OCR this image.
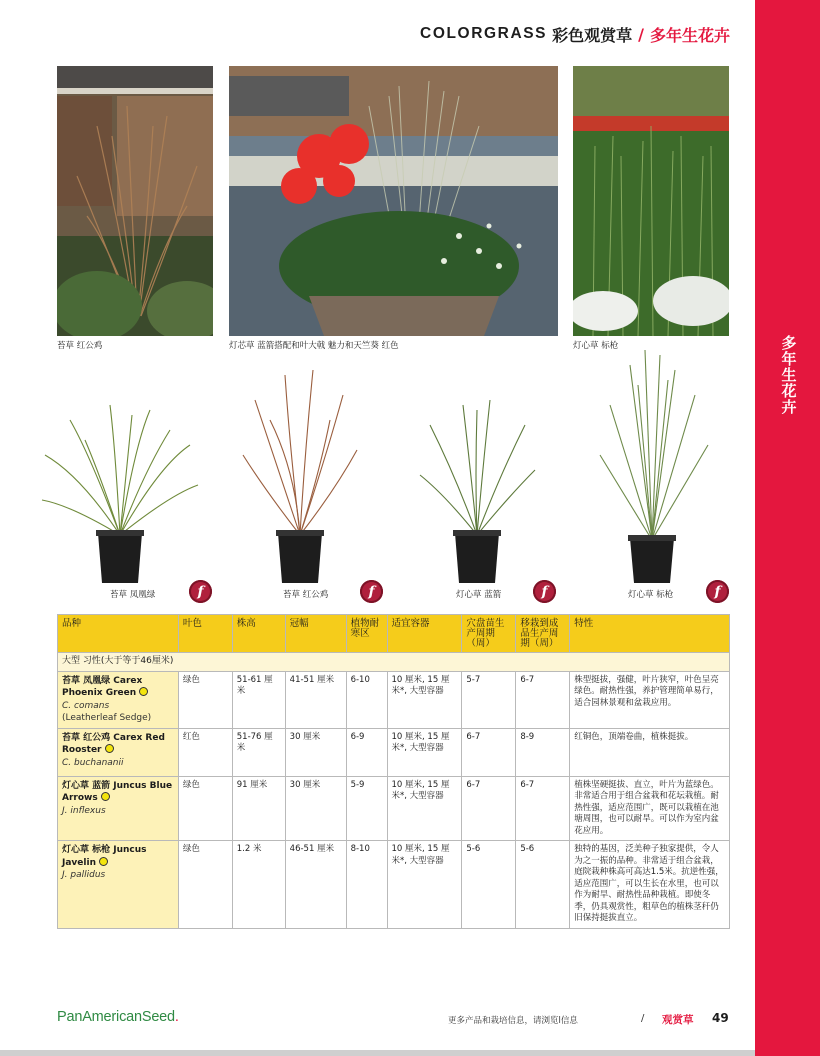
多年生花卉
COLORGRASS 彩色观赏草 / 多年生花卉
苔草 红公鸡	灯芯草 蓝箭搭配和叶大戟 魅力和天竺葵 红色	灯心草 标枪
苔草 凤凰绿	f	苔草 红公鸡	f	灯心草 蓝箭	f	灯心草 标枪	f
品种	叶色	株高	冠幅	植物耐寒区	适宜容器	穴盘苗生产周期（周）	移栽到成品生产周期（周）	特性
大型 习性(大于等于46厘米)								
苔草 凤凰绿 Carex Phoenix Green
C. comans
(Leatherleaf Sedge)	绿色	51-61 厘米	41-51 厘米	6-10	10 厘米, 15 厘米*, 大型容器	5-7	6-7	株型挺拔，强健，叶片狭窄，叶色呈亮绿色。耐热性强，养护管理简单易行，适合园林景观和盆栽应用。
苔草 红公鸡 Carex Red Rooster
C. buchananii	红色	51-76 厘米	30 厘米	6-9	10 厘米, 15 厘米*, 大型容器	6-7	8-9	红铜色，顶端卷曲，植株挺拔。
灯心草 蓝箭 Juncus Blue Arrows
J. inflexus	绿色	91 厘米	30 厘米	5-9	10 厘米, 15 厘米*, 大型容器	6-7	6-7	植株坚硬挺拔、直立，叶片为蓝绿色。非常适合用于组合盆栽和花坛栽植。耐热性强，适应范围广，既可以栽植在池塘周围，也可以耐旱。可以作为室内盆花应用。
灯心草 标枪 Juncus Javelin
J. pallidus	绿色	1.2 米	46-51 厘米	8-10	10 厘米, 15 厘米*, 大型容器	5-6	5-6	独特的基因，泛美种子独家提供，令人为之一振的品种。非常适于组合盆栽，庭院栽种株高可高达1.5米。抗逆性强，适应范围广，可以生长在水里，也可以作为耐旱、耐热性品种栽植。即使冬季，仍具观赏性，粗草色的植株茎秆仍旧保持挺拔直立。
PanAmericanSeed.	更多产品和栽培信息，请浏览l信息	/ 观赏草 49
